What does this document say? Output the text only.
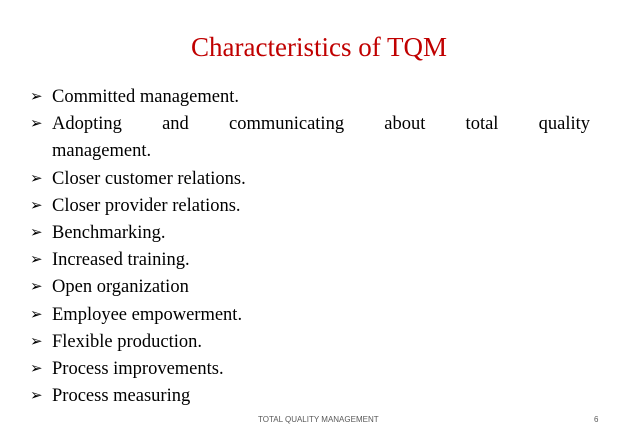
Characteristics of TQM
➢ Committed management.
➢ Adopting and communicating about total quality
management.
➢ Closer customer relations.
➢ Closer provider relations.
➢ Benchmarking.
➢ Increased training.
➢ Open organization
➢ Employee empowerment.
➢ Flexible production.
➢ Process improvements.
➢ Process measuring
TOTAL QUALITY MANAGEMENT	6
